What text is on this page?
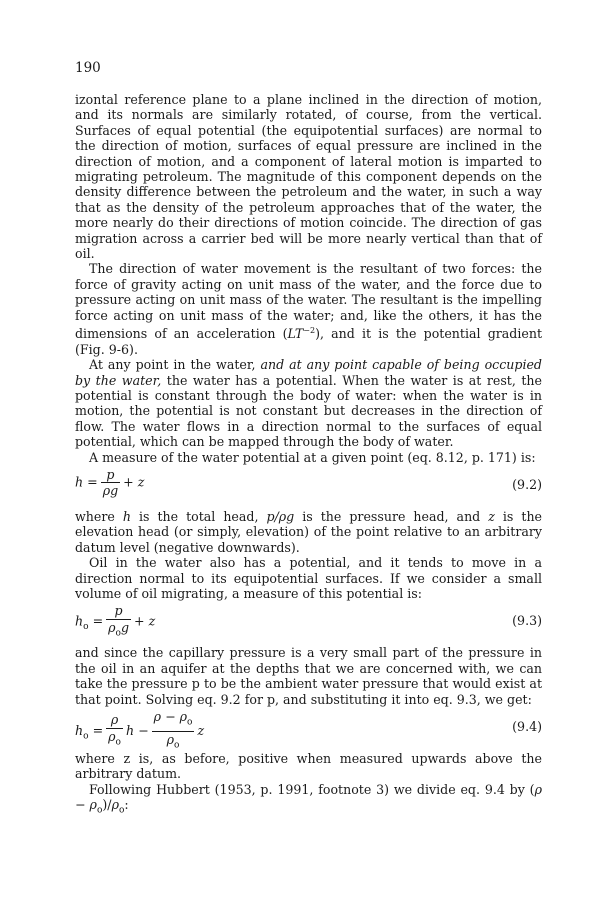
190

izontal reference plane to a plane inclined in the direction of motion, and its normals are similarly rotated, of course, from the vertical. Surfaces of equal potential (the equipotential surfaces) are normal to the direction of motion, surfaces of equal pressure are inclined in the direction of motion, and a component of lateral motion is imparted to migrating petroleum. The magnitude of this component depends on the density difference between the petroleum and the water, in such a way that as the density of the petroleum approaches that of the water, the more nearly do their directions of motion coincide. The direction of gas migration across a carrier bed will be more nearly vertical than that of oil.

The direction of water movement is the resultant of two forces: the force of gravity acting on unit mass of the water, and the force due to pressure acting on unit mass of the water. The resultant is the impelling force acting on unit mass of the water; and, like the others, it has the dimensions of an acceleration $(LT^{-2})$, and it is the potential gradient (Fig. 9-6).

At any point in the water, and at any point capable of being occupied by the water, the water has a potential. When the water is at rest, the potential is constant through the body of water: when the water is in motion, the potential is not constant but decreases in the direction of flow. The water flows in a direction normal to the surfaces of equal potential, which can be mapped through the body of water.

A measure of the water potential at a given point (eq. 8.12, p. 171) is:

$h = \frac{p}{\rho g} + z$	(9.2)

where h is the total head, p/ρg is the pressure head, and z is the elevation head (or simply, elevation) of the point relative to an arbitrary datum level (negative downwards).

Oil in the water also has a potential, and it tends to move in a direction normal to its equipotential surfaces. If we consider a small volume of oil migrating, a measure of this potential is:

$h_o = \frac{p}{\rho_og} + z$	(9.3)

and since the capillary pressure is a very small part of the pressure in the oil in an aquifer at the depths that we are concerned with, we can take the pressure p to be the ambient water pressure that would exist at that point. Solving eq. 9.2 for p, and substituting it into eq. 9.3, we get:

$h_o = \frac{\rho}{\rho_o}$ $h - \frac{\rho - \rho_o}{\rho_o}$ z	(9.4)

where z is, as before, positive when measured upwards above the arbitrary datum.

Following Hubbert (1953, p. 1991, footnote 3) we divide eq. 9.4 by $(\rho - \rho_o)/\rho_o$:
